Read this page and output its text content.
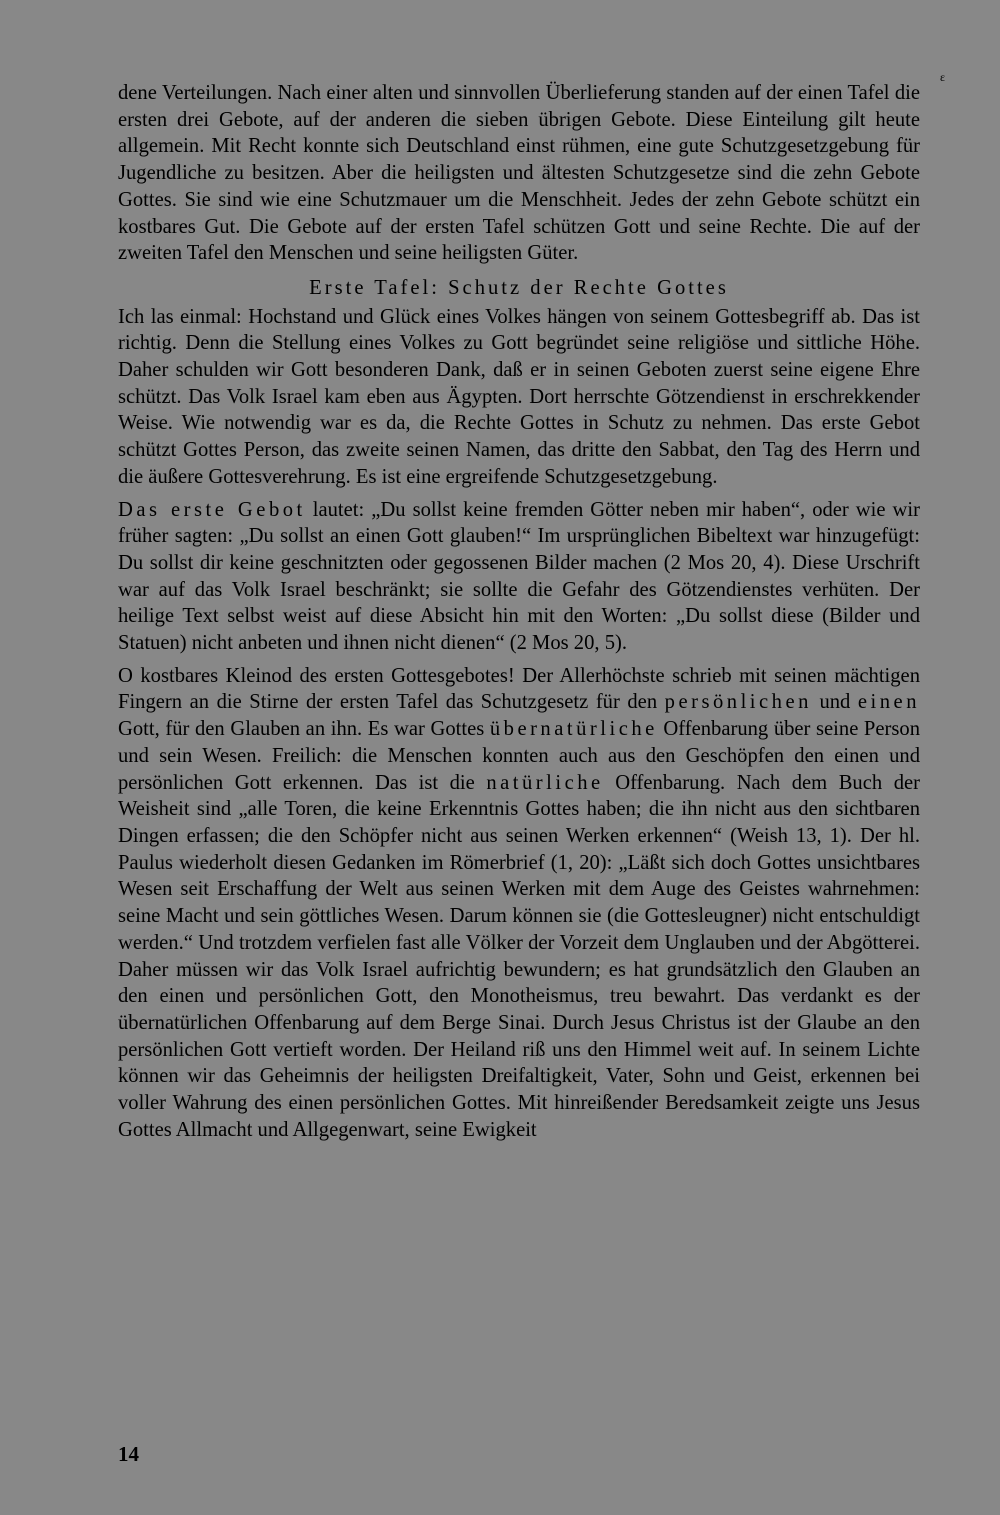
ɛ

dene Verteilungen. Nach einer alten und sinnvollen Überlieferung standen auf der einen Tafel die ersten drei Gebote, auf der anderen die sieben übrigen Gebote. Diese Einteilung gilt heute allgemein. Mit Recht konnte sich Deutschland einst rühmen, eine gute Schutzgesetzgebung für Jugendliche zu besitzen. Aber die heiligsten und ältesten Schutzgesetze sind die zehn Gebote Gottes. Sie sind wie eine Schutzmauer um die Menschheit. Jedes der zehn Gebote schützt ein kostbares Gut. Die Gebote auf der ersten Tafel schützen Gott und seine Rechte. Die auf der zweiten Tafel den Menschen und seine heiligsten Güter.

Erste Tafel: Schutz der Rechte Gottes

Ich las einmal: Hochstand und Glück eines Volkes hängen von seinem Gottesbegriff ab. Das ist richtig. Denn die Stellung eines Volkes zu Gott begründet seine religiöse und sittliche Höhe. Daher schulden wir Gott besonderen Dank, daß er in seinen Geboten zuerst seine eigene Ehre schützt. Das Volk Israel kam eben aus Ägypten. Dort herrschte Götzendienst in erschrekkender Weise. Wie notwendig war es da, die Rechte Gottes in Schutz zu nehmen. Das erste Gebot schützt Gottes Person, das zweite seinen Namen, das dritte den Sabbat, den Tag des Herrn und die äußere Gottesverehrung. Es ist eine ergreifende Schutzgesetzgebung.

Das erste Gebot lautet: „Du sollst keine fremden Götter neben mir haben“, oder wie wir früher sagten: „Du sollst an einen Gott glauben!“ Im ursprünglichen Bibeltext war hinzugefügt: Du sollst dir keine geschnitzten oder gegossenen Bilder machen (2 Mos 20, 4). Diese Urschrift war auf das Volk Israel beschränkt; sie sollte die Gefahr des Götzendienstes verhüten. Der heilige Text selbst weist auf diese Absicht hin mit den Worten: „Du sollst diese (Bilder und Statuen) nicht anbeten und ihnen nicht dienen“ (2 Mos 20, 5).

O kostbares Kleinod des ersten Gottesgebotes! Der Allerhöchste schrieb mit seinen mächtigen Fingern an die Stirne der ersten Tafel das Schutzgesetz für den persönlichen und einen Gott, für den Glauben an ihn. Es war Gottes übernatürliche Offenbarung über seine Person und sein Wesen. Freilich: die Menschen konnten auch aus den Geschöpfen den einen und persönlichen Gott erkennen. Das ist die natürliche Offenbarung. Nach dem Buch der Weisheit sind „alle Toren, die keine Erkenntnis Gottes haben; die ihn nicht aus den sichtbaren Dingen erfassen; die den Schöpfer nicht aus seinen Werken erkennen“ (Weish 13, 1). Der hl. Paulus wiederholt diesen Gedanken im Römerbrief (1, 20): „Läßt sich doch Gottes unsichtbares Wesen seit Erschaffung der Welt aus seinen Werken mit dem Auge des Geistes wahrnehmen: seine Macht und sein göttliches Wesen. Darum können sie (die Gottesleugner) nicht entschuldigt werden.“ Und trotzdem verfielen fast alle Völker der Vorzeit dem Unglauben und der Abgötterei. Daher müssen wir das Volk Israel aufrichtig bewundern; es hat grundsätzlich den Glauben an den einen und persönlichen Gott, den Monotheismus, treu bewahrt. Das verdankt es der übernatürlichen Offenbarung auf dem Berge Sinai. Durch Jesus Christus ist der Glaube an den persönlichen Gott vertieft worden. Der Heiland riß uns den Himmel weit auf. In seinem Lichte können wir das Geheimnis der heiligsten Dreifaltigkeit, Vater, Sohn und Geist, erkennen bei voller Wahrung des einen persönlichen Gottes. Mit hinreißender Beredsamkeit zeigte uns Jesus Gottes Allmacht und Allgegenwart, seine Ewigkeit

14
